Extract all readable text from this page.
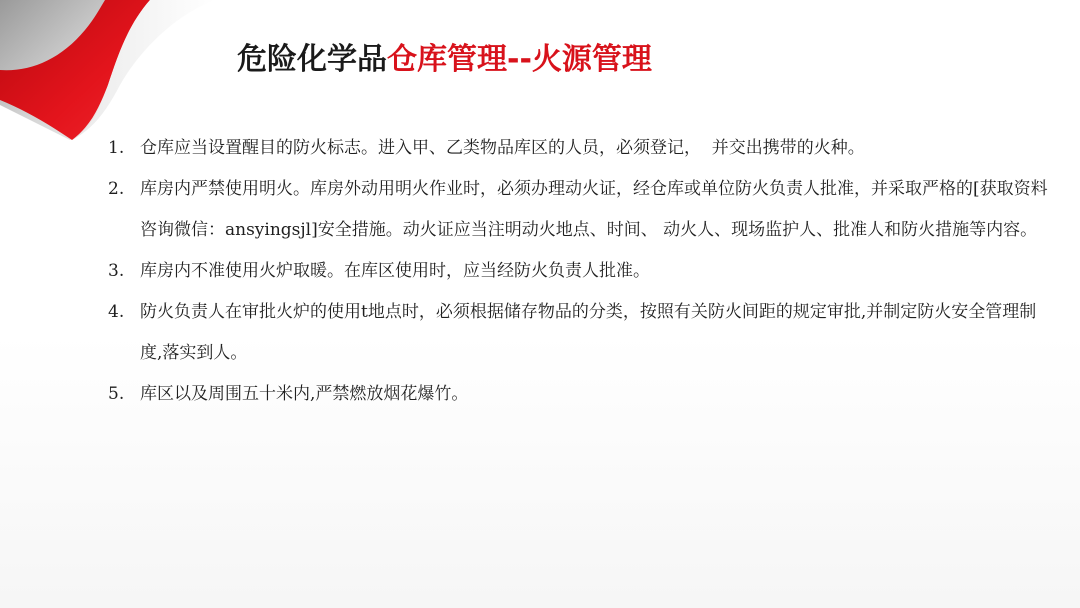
危险化学品仓库管理--火源管理
1. 仓库应当设置醒目的防火标志。进入甲、乙类物品库区的人员，必须登记，  并交出携带的火种。
2. 库房内严禁使用明火。库房外动用明火作业时，必须办理动火证，经仓库或单位防火负责人批准，并采取严格的[获取资料咨询微信：ansyingsjl]安全措施。动火证应当注明动火地点、时间、 动火人、现场监护人、批准人和防火措施等内容。
3. 库房内不准使用火炉取暖。在库区使用时，应当经防火负责人批准。
4. 防火负责人在审批火炉的使用t地点时，必须根据储存物品的分类，按照有关防火间距的规定审批,并制定防火安全管理制度,落实到人。
5. 库区以及周围五十米内,严禁燃放烟花爆竹。
